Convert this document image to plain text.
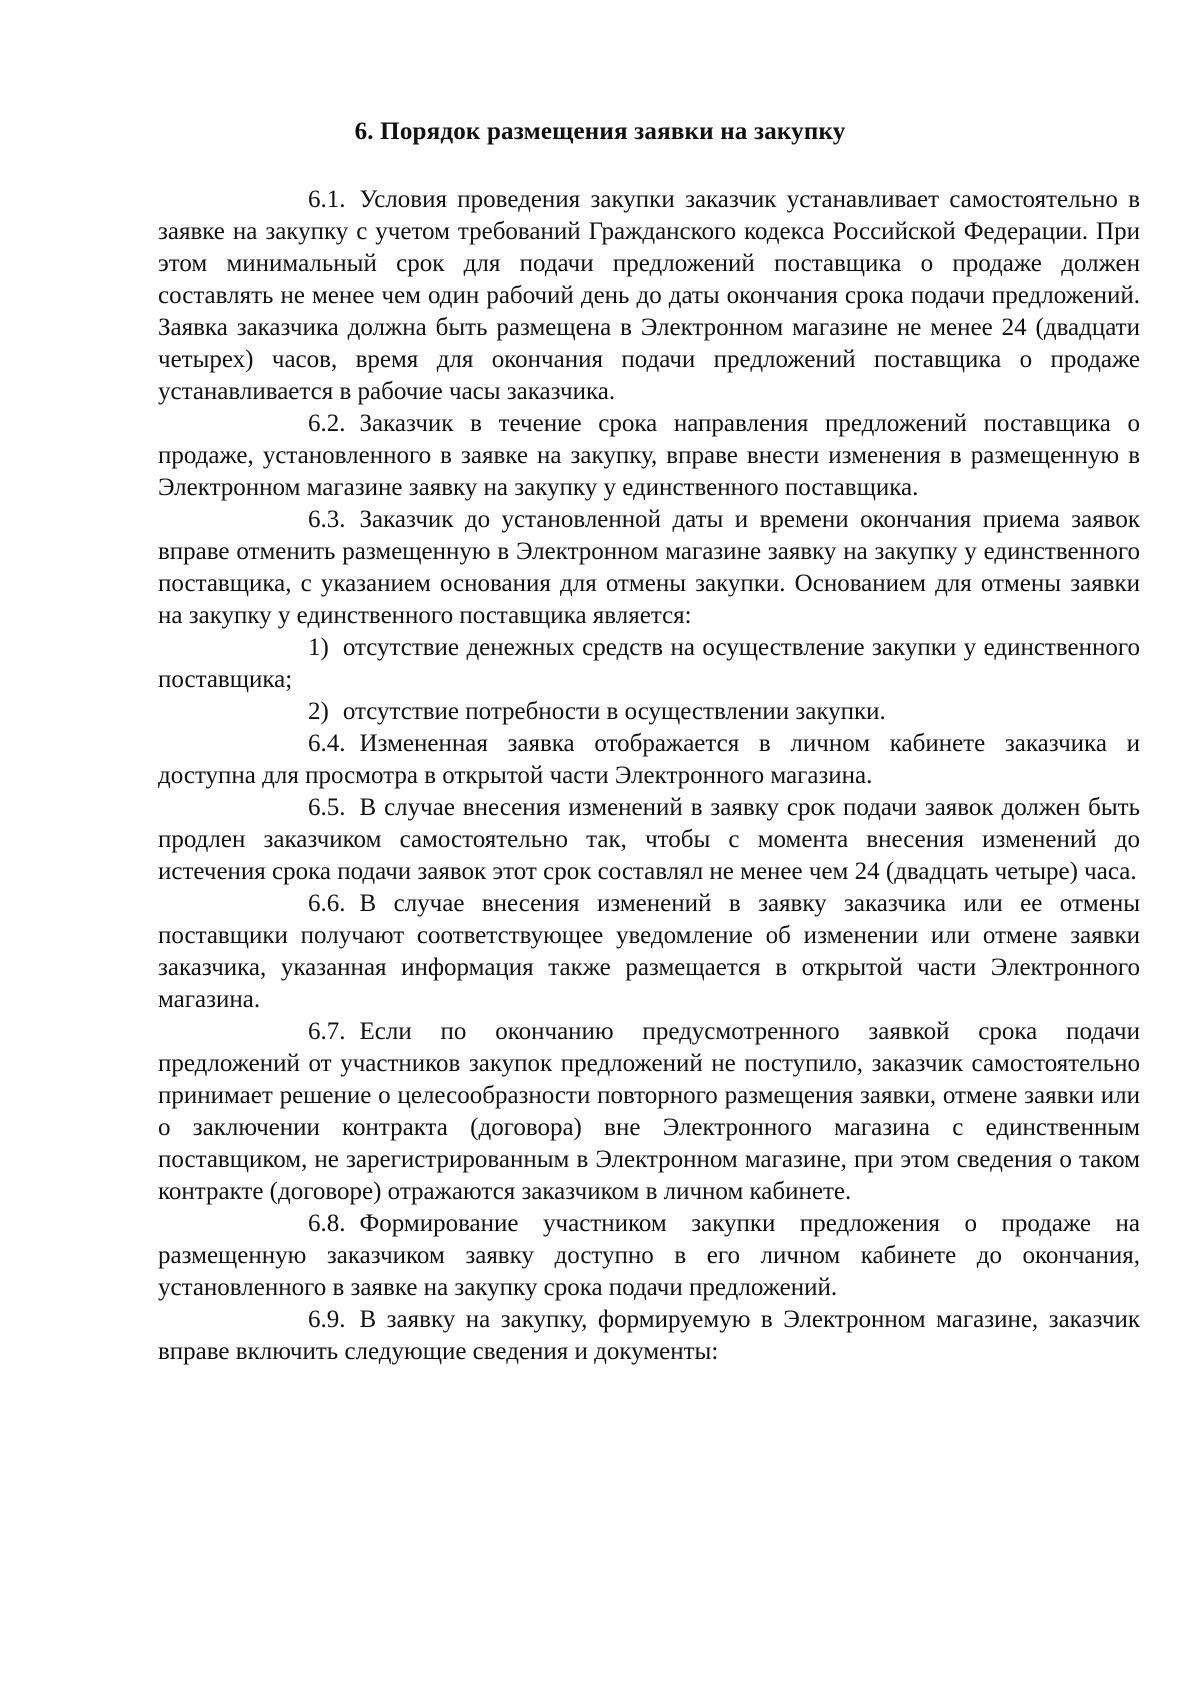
6. Порядок размещения заявки на закупку

6.1. Условия проведения закупки заказчик устанавливает самостоятельно в заявке на закупку с учетом требований Гражданского кодекса Российской Федерации. При этом минимальный срок для подачи предложений поставщика о продаже должен составлять не менее чем один рабочий день до даты окончания срока подачи предложений. Заявка заказчика должна быть размещена в Электронном магазине не менее 24 (двадцати четырех) часов, время для окончания подачи предложений поставщика о продаже устанавливается в рабочие часы заказчика.

6.2. Заказчик в течение срока направления предложений поставщика о продаже, установленного в заявке на закупку, вправе внести изменения в размещенную в Электронном магазине заявку на закупку у единственного поставщика.

6.3. Заказчик до установленной даты и времени окончания приема заявок вправе отменить размещенную в Электронном магазине заявку на закупку у единственного поставщика, с указанием основания для отмены закупки. Основанием для отмены заявки на закупку у единственного поставщика является:

1) отсутствие денежных средств на осуществление закупки у единственного поставщика;

2) отсутствие потребности в осуществлении закупки.

6.4. Измененная заявка отображается в личном кабинете заказчика и доступна для просмотра в открытой части Электронного магазина.

6.5. В случае внесения изменений в заявку срок подачи заявок должен быть продлен заказчиком самостоятельно так, чтобы с момента внесения изменений до истечения срока подачи заявок этот срок составлял не менее чем 24 (двадцать четыре) часа.

6.6. В случае внесения изменений в заявку заказчика или ее отмены поставщики получают соответствующее уведомление об изменении или отмене заявки заказчика, указанная информация также размещается в открытой части Электронного магазина.

6.7. Если по окончанию предусмотренного заявкой срока подачи предложений от участников закупок предложений не поступило, заказчик самостоятельно принимает решение о целесообразности повторного размещения заявки, отмене заявки или о заключении контракта (договора) вне Электронного магазина с единственным поставщиком, не зарегистрированным в Электронном магазине, при этом сведения о таком контракте (договоре) отражаются заказчиком в личном кабинете.

6.8. Формирование участником закупки предложения о продаже на размещенную заказчиком заявку доступно в его личном кабинете до окончания, установленного в заявке на закупку срока подачи предложений.

6.9. В заявку на закупку, формируемую в Электронном магазине, заказчик вправе включить следующие сведения и документы:
